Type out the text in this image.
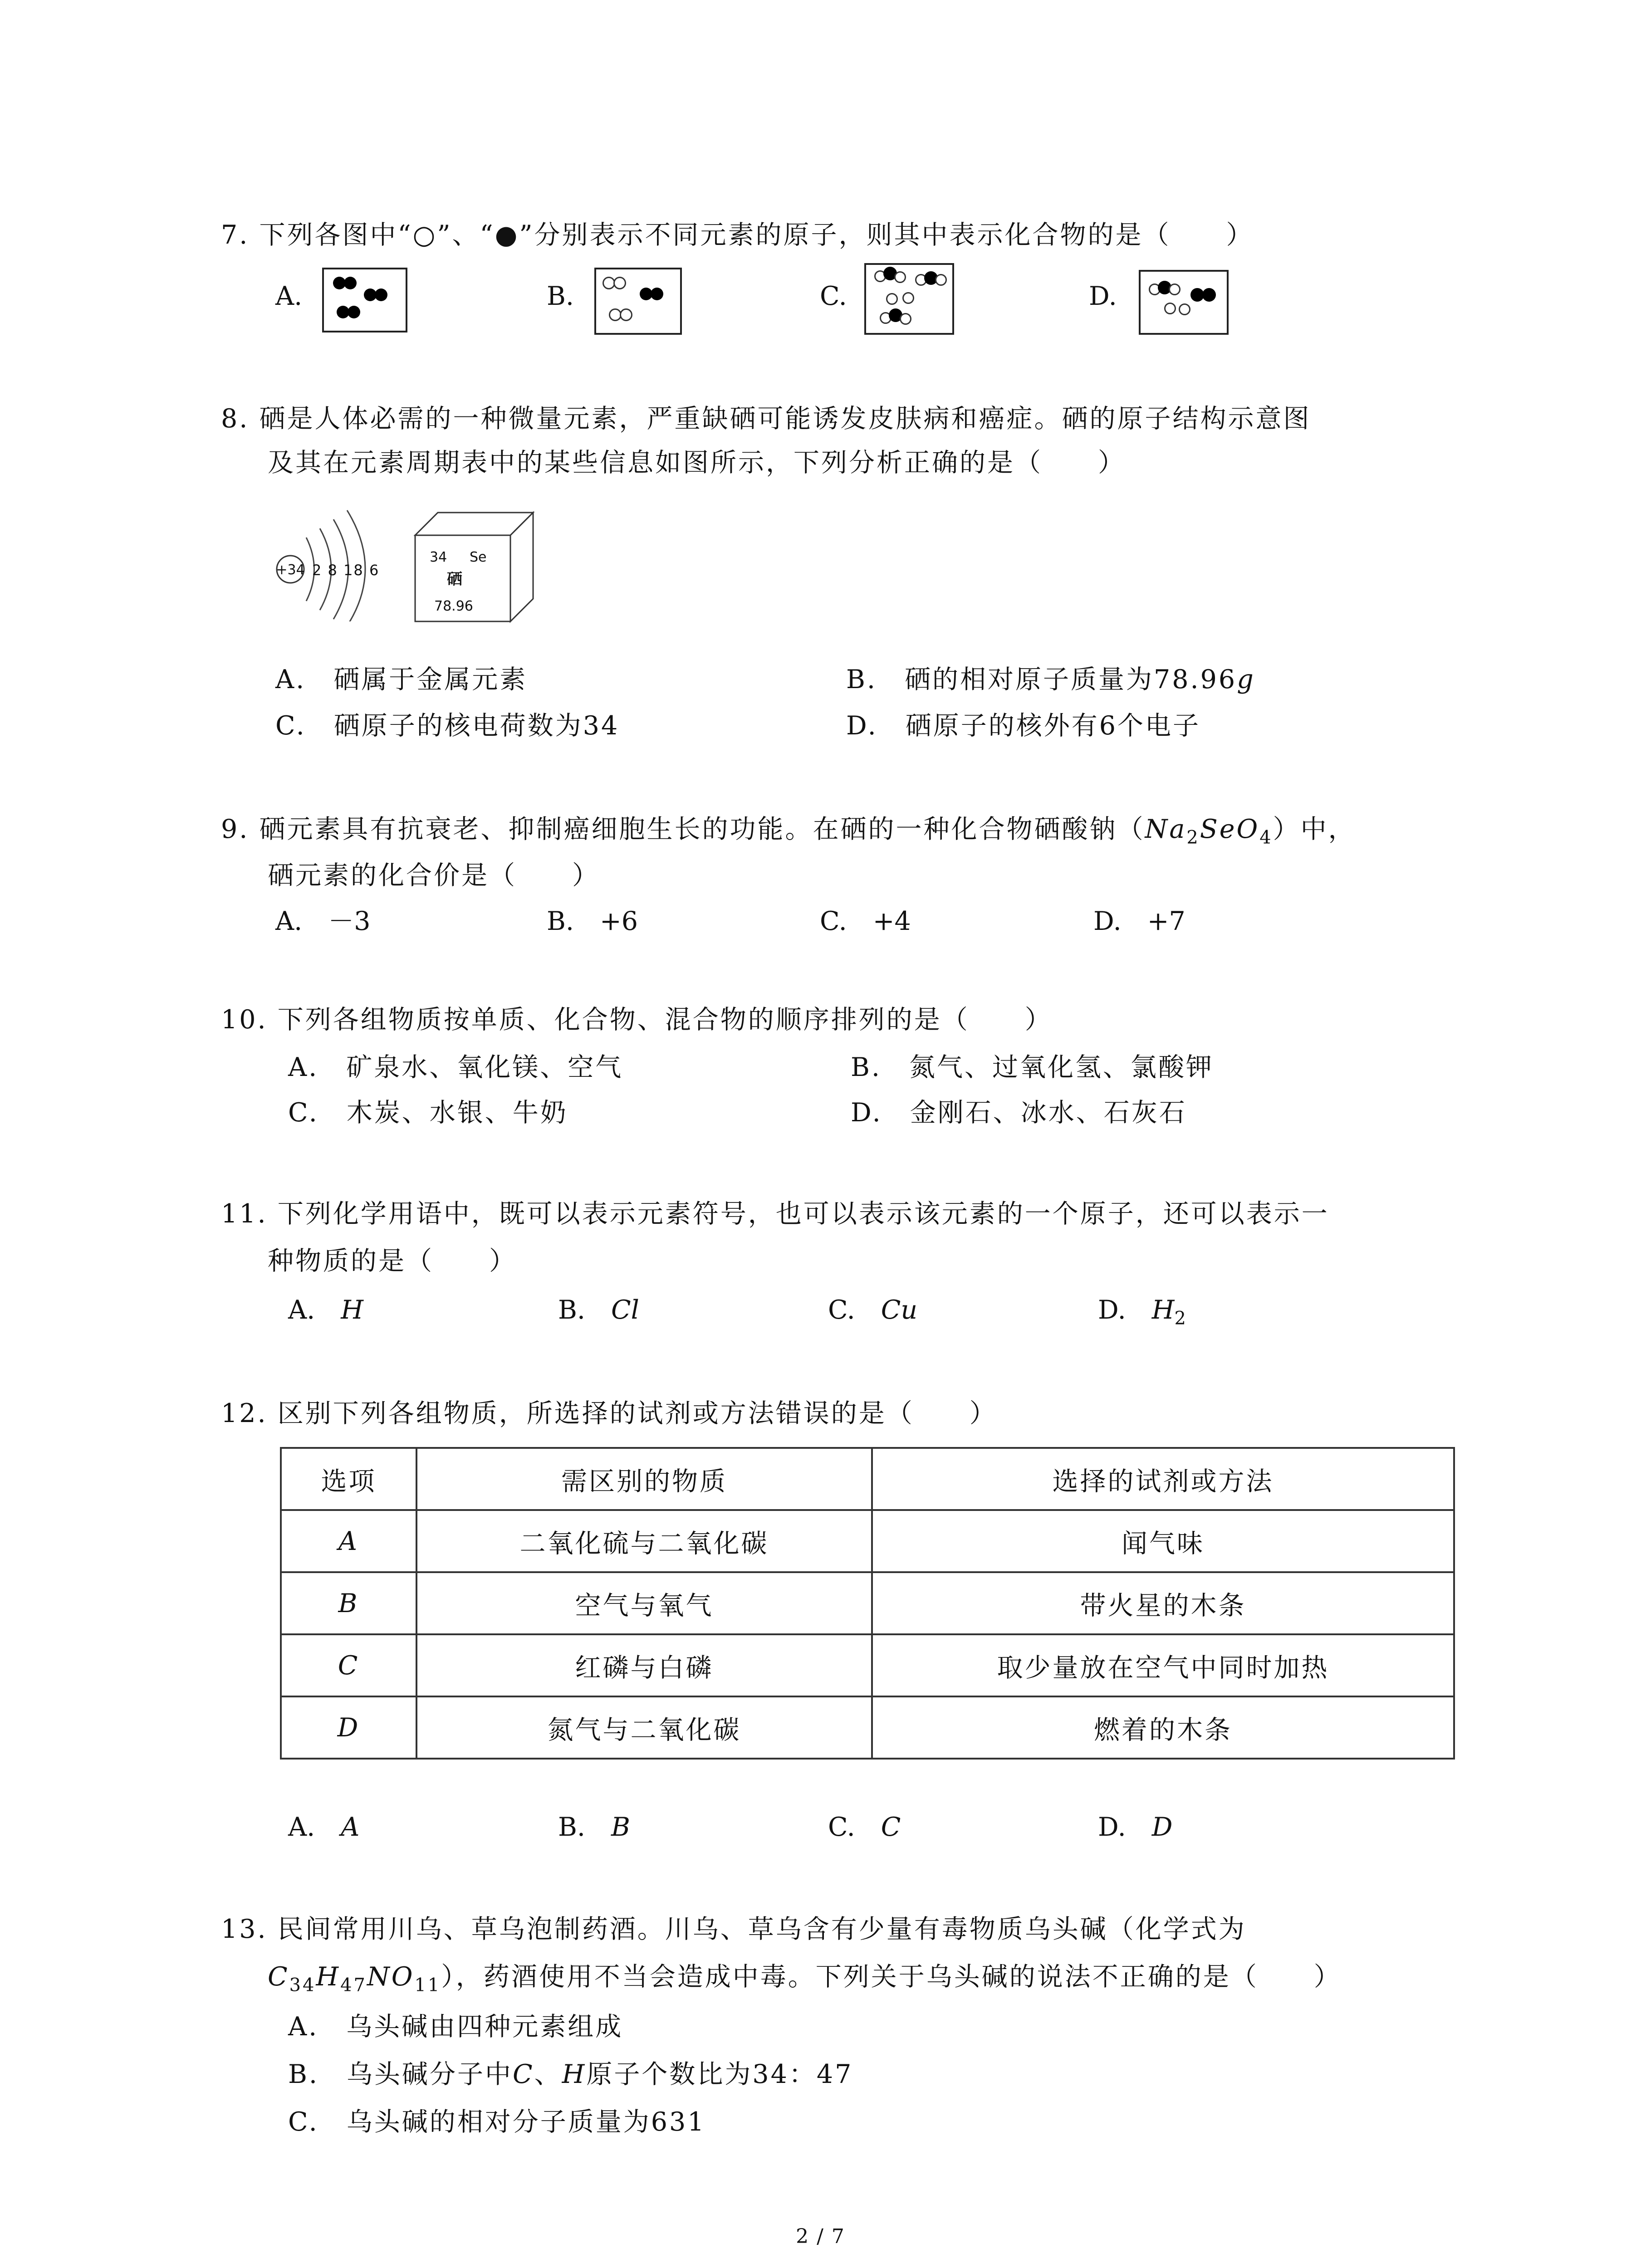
7. 下列各图中“○”、“●”分别表示不同元素的原子，则其中表示化合物的是（　　）
A.	B.	C.	D.
8. 硒是人体必需的一种微量元素，严重缺硒可能诱发皮肤病和癌症。硒的原子结构示意图
及其在元素周期表中的某些信息如图所示，下列分析正确的是（　　）
+34 2 8 18 6
34 Se
硒
78.96
A.　硒属于金属元素	B.　硒的相对原子质量为78.96g
C.　硒原子的核电荷数为34	D.　硒原子的核外有6个电子
9. 硒元素具有抗衰老、抑制癌细胞生长的功能。在硒的一种化合物硒酸钠$(Na_2SeO_4)$中，
硒元素的化合价是（　　）
A.　－3	B.　+6	C.　+4	D.　+7
10. 下列各组物质按单质、化合物、混合物的顺序排列的是（　　）
A.　矿泉水、氧化镁、空气	B.　氮气、过氧化氢、氯酸钾
C.　木炭、水银、牛奶	D.　金刚石、冰水、石灰石
11. 下列化学用语中，既可以表示元素符号，也可以表示该元素的一个原子，还可以表示一
种物质的是（　　）
A.　 H	B.　 Cl	C.　 Cu	D.　 $H_2$
12. 区别下列各组物质，所选择的试剂或方法错误的是（　　）
选项	需区别的物质	选择的试剂或方法
A	二氧化硫与二氧化碳	闻气味
B	空气与氧气	带火星的木条
C	红磷与白磷	取少量放在空气中同时加热
D	氮气与二氧化碳	燃着的木条
A.　 A	B.　 B	C.　 C	D.　 D
13. 民间常用川乌、草乌泡制药酒。川乌、草乌含有少量有毒物质乌头碱（化学式为
$C_{34}H_{47}NO_{11}$），药酒使用不当会造成中毒。下列关于乌头碱的说法不正确的是（　　）
A.　乌头碱由四种元素组成
B.　乌头碱分子中C、H原子个数比为34：47
C.　乌头碱的相对分子质量为631
2 / 7
